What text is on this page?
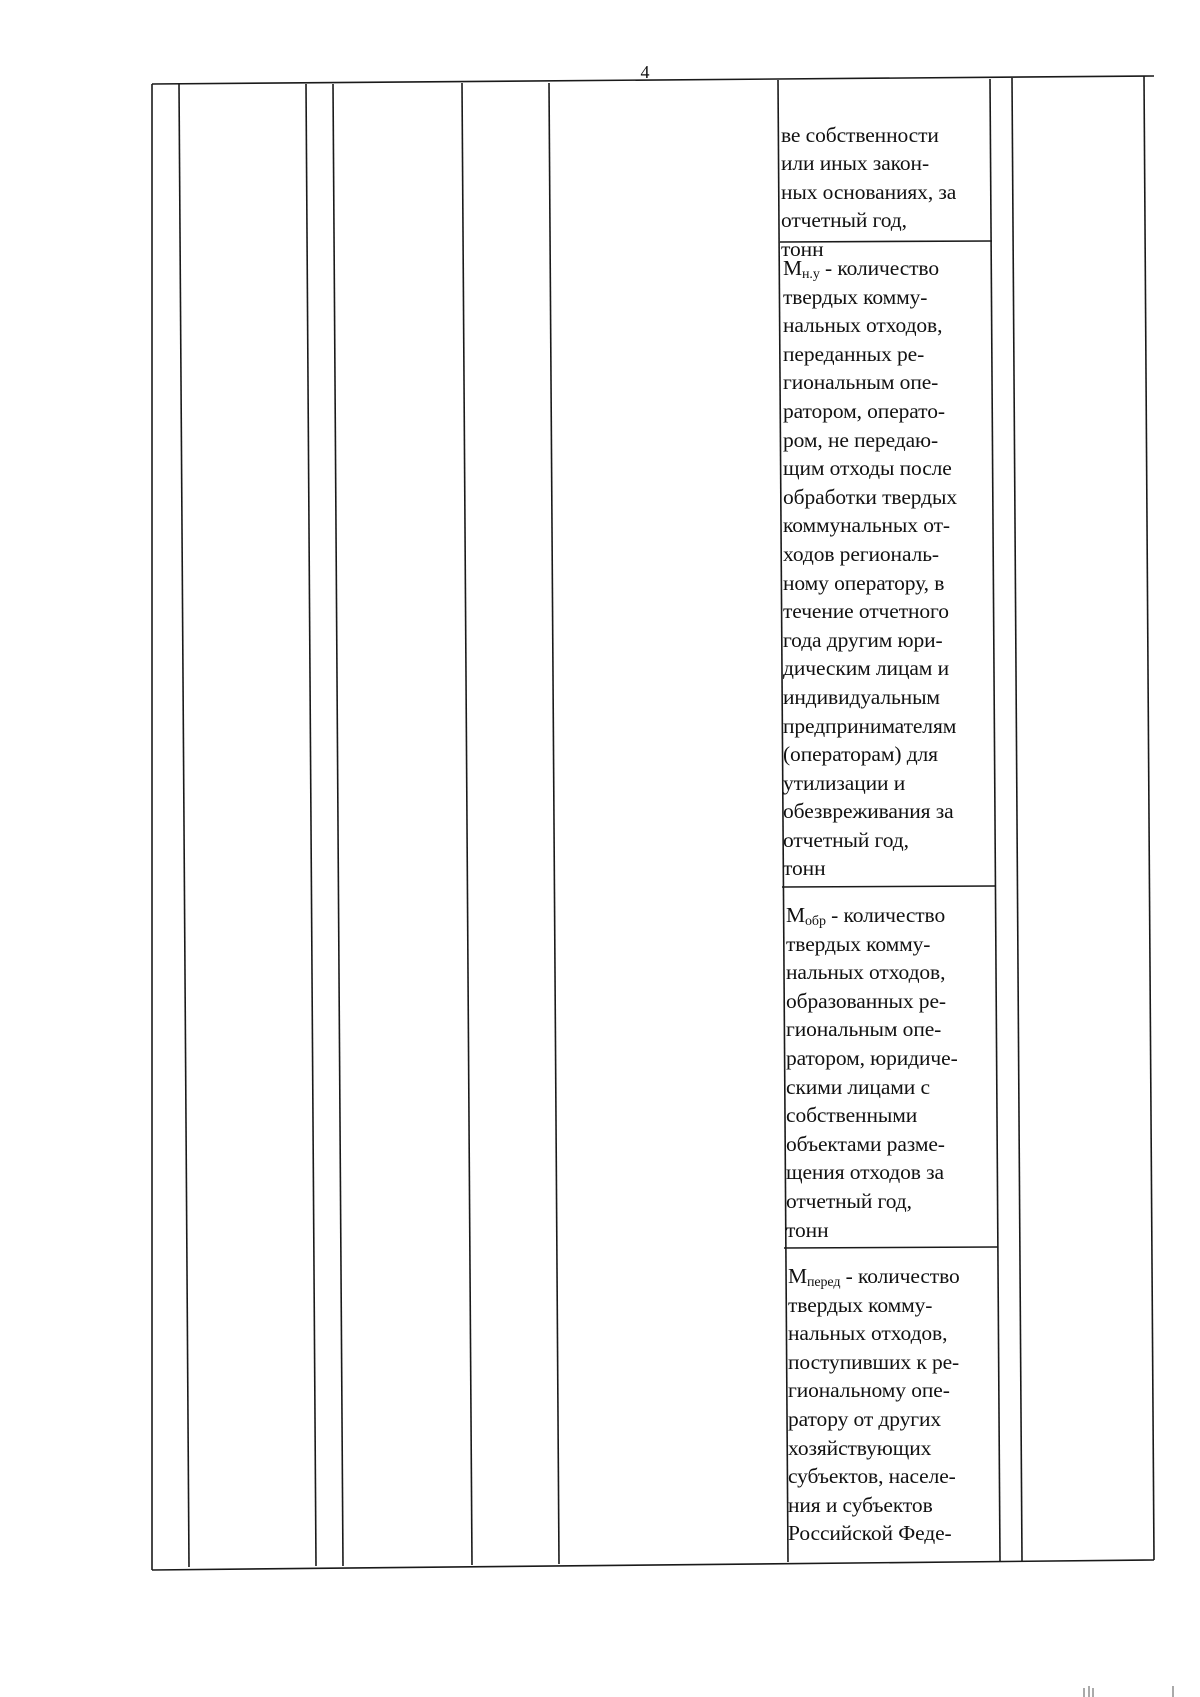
4

ве собственности
или иных закон-
ных основаниях, за
отчетный год,
тонн

$М_{н.у}$ - количество
твердых комму-
нальных отходов,
переданных ре-
гиональным опе-
ратором, операто-
ром, не передаю-
щим отходы после
обработки твердых
коммунальных от-
ходов региональ-
ному оператору, в
течение отчетного
года другим юри-
дическим лицам и
индивидуальным
предпринимателям
(операторам) для
утилизации и
обезвреживания за
отчетный год,
тонн
$М_{обр}$ - количество
твердых комму-
нальных отходов,
образованных ре-
гиональным опе-
ратором, юридиче-
скими лицами с
собственными
объектами разме-
щения отходов за
отчетный год,
тонн
$М_{перед}$ - количество
твердых комму-
нальных отходов,
поступивших к ре-
гиональному опе-
ратору от других
хозяйствующих
субъектов, населе-
ния и субъектов
Российской Феде-
